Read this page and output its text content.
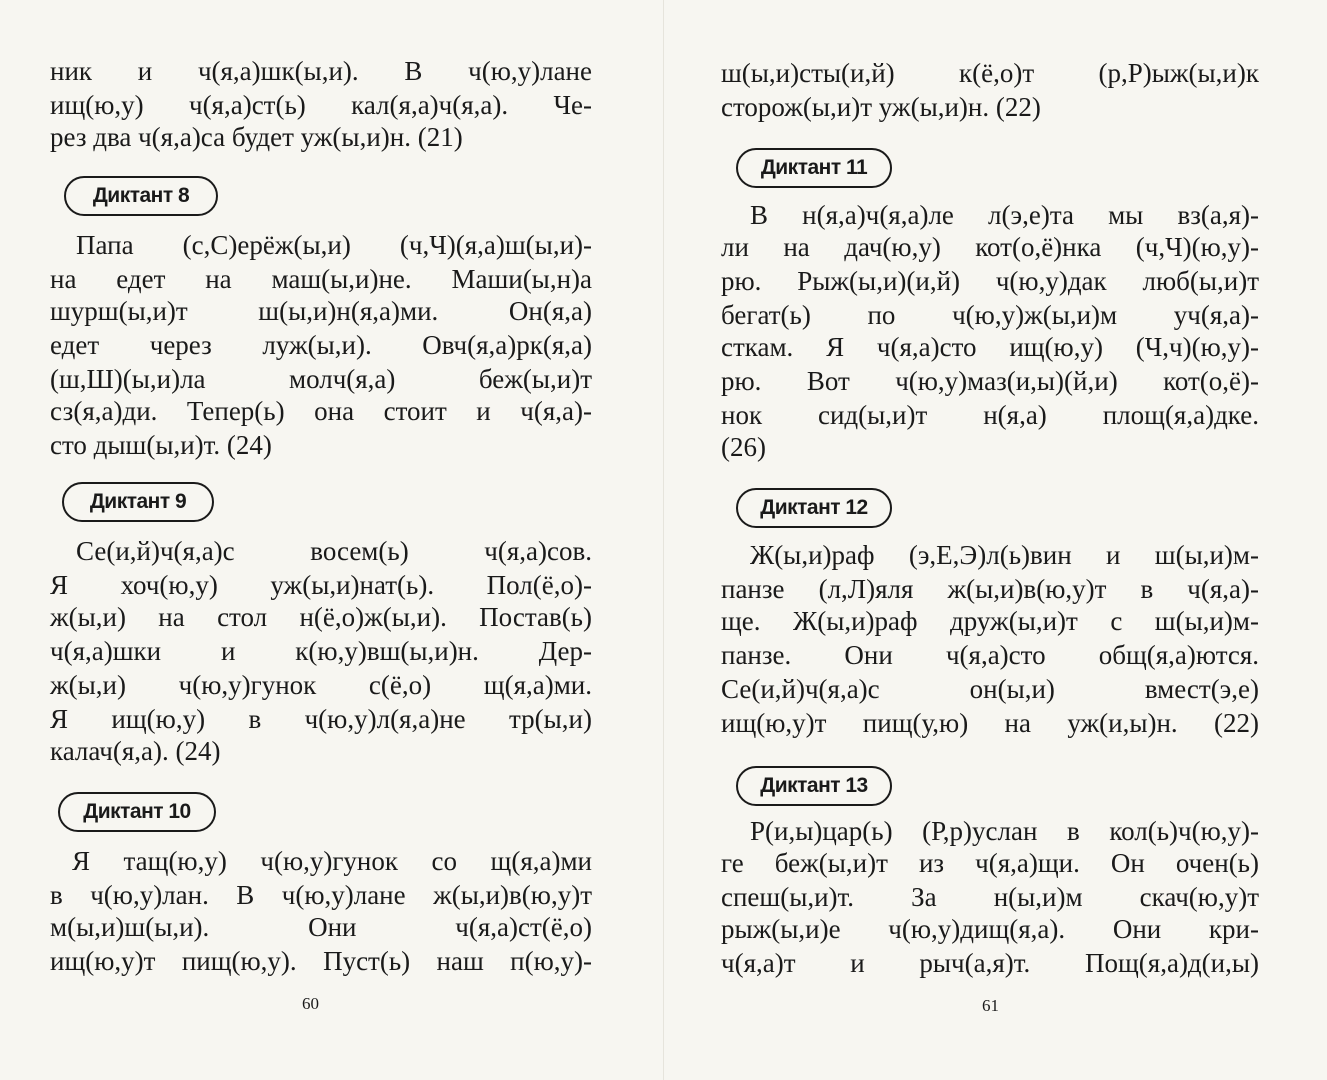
ник и ч(я,а)шк(ы,и). В ч(ю,у)лане
ищ(ю,у) ч(я,а)ст(ь) кал(я,а)ч(я,а). Че-
рез два ч(я,а)са будет уж(ы,и)н. (21)
Диктант 8
Папа (с,С)ерёж(ы,и) (ч,Ч)(я,а)ш(ы,и)-
на едет на маш(ы,и)не. Маши(ы,н)а
шурш(ы,и)т ш(ы,и)н(я,а)ми. Он(я,а)
едет через луж(ы,и). Овч(я,а)рк(я,а)
(ш,Ш)(ы,и)ла молч(я,а) беж(ы,и)т
сз(я,а)ди. Тепер(ь) она стоит и ч(я,а)-
сто дыш(ы,и)т. (24)
Диктант 9
Се(и,й)ч(я,а)с восем(ь) ч(я,а)сов.
Я хоч(ю,у) уж(ы,и)нат(ь). Пол(ё,о)-
ж(ы,и) на стол н(ё,о)ж(ы,и). Постав(ь)
ч(я,а)шки и к(ю,у)вш(ы,и)н. Дер-
ж(ы,и) ч(ю,у)гунок с(ё,о) щ(я,а)ми.
Я ищ(ю,у) в ч(ю,у)л(я,а)не тр(ы,и)
калач(я,а). (24)
Диктант 10
Я тащ(ю,у) ч(ю,у)гунок со щ(я,а)ми
в ч(ю,у)лан. В ч(ю,у)лане ж(ы,и)в(ю,у)т
м(ы,и)ш(ы,и). Они ч(я,а)ст(ё,о)
ищ(ю,у)т пищ(ю,у). Пуст(ь) наш п(ю,у)-
60
ш(ы,и)сты(и,й) к(ё,о)т (р,Р)ыж(ы,и)к
сторож(ы,и)т уж(ы,и)н. (22)
Диктант 11
В н(я,а)ч(я,а)ле л(э,е)та мы вз(а,я)-
ли на дач(ю,у) кот(о,ё)нка (ч,Ч)(ю,у)-
рю. Рыж(ы,и)(и,й) ч(ю,у)дак люб(ы,и)т
бегат(ь) по ч(ю,у)ж(ы,и)м уч(я,а)-
сткам. Я ч(я,а)сто ищ(ю,у) (Ч,ч)(ю,у)-
рю. Вот ч(ю,у)маз(и,ы)(й,и) кот(о,ё)-
нок сид(ы,и)т н(я,а) площ(я,а)дке.
(26)
Диктант 12
Ж(ы,и)раф (э,Е,Э)л(ь)вин и ш(ы,и)м-
панзе (л,Л)яля ж(ы,и)в(ю,у)т в ч(я,а)-
ще. Ж(ы,и)раф друж(ы,и)т с ш(ы,и)м-
панзе. Они ч(я,а)сто общ(я,а)ются.
Се(и,й)ч(я,а)с он(ы,и) вмест(э,е)
ищ(ю,у)т пищ(у,ю) на уж(и,ы)н. (22)
Диктант 13
Р(и,ы)цар(ь) (Р,р)услан в кол(ь)ч(ю,у)-
ге беж(ы,и)т из ч(я,а)щи. Он очен(ь)
спеш(ы,и)т. За н(ы,и)м скач(ю,у)т
рыж(ы,и)е ч(ю,у)дищ(я,а). Они кри-
ч(я,а)т и рыч(а,я)т. Пощ(я,а)д(и,ы)
61
